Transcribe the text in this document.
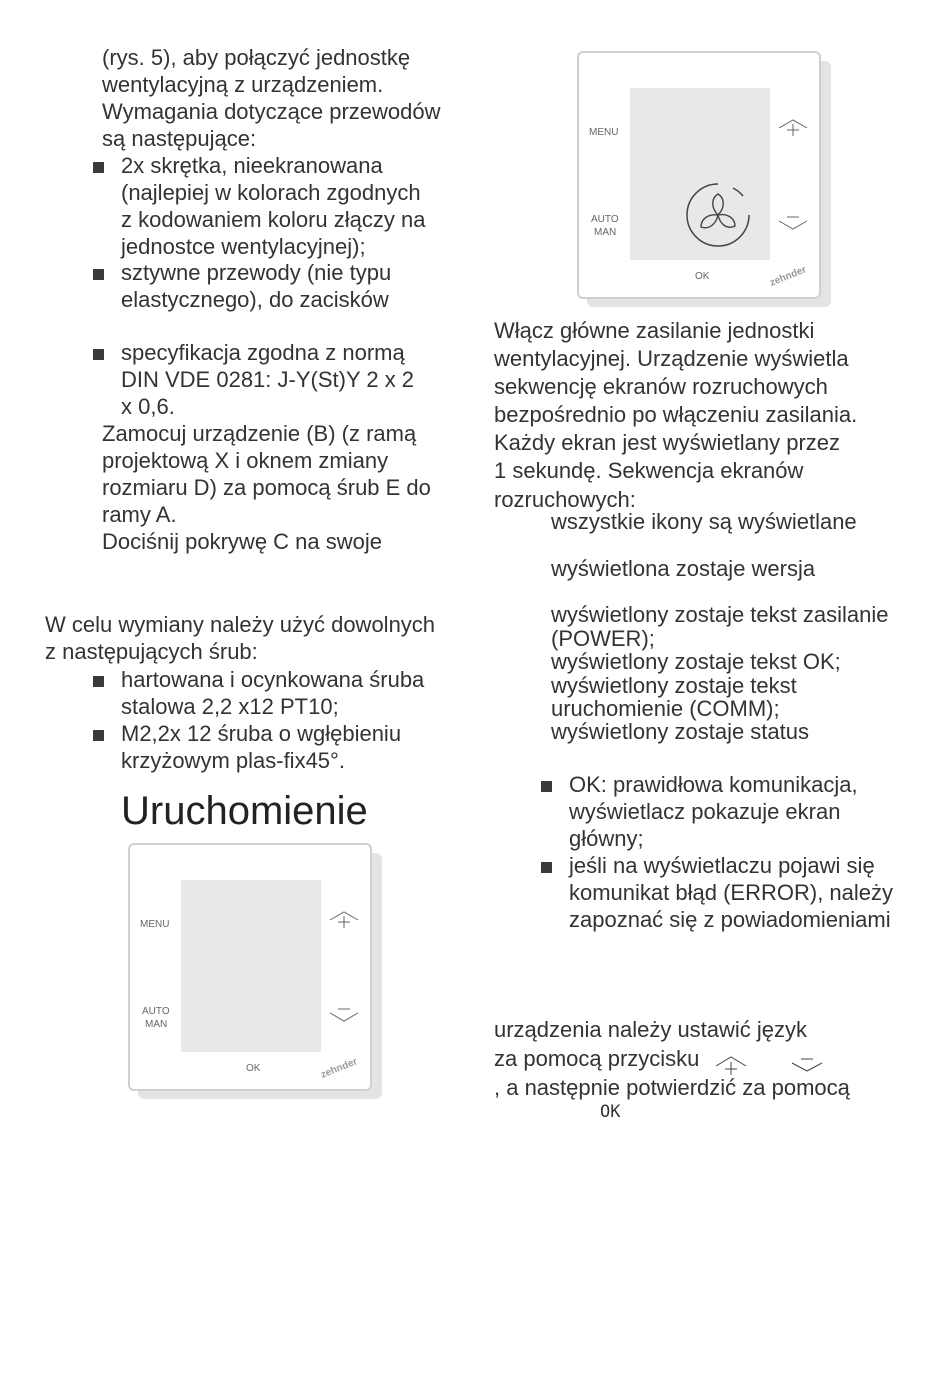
(rys. 5), aby połączyć jednostkę
wentylacyjną z urządzeniem.
Wymagania dotyczące przewodów
są następujące:
2x skrętka, nieekranowana
(najlepiej w kolorach zgodnych
z kodowaniem koloru złączy na
jednostce wentylacyjnej);
sztywne przewody (nie typu
elastycznego), do zacisków
specyfikacja zgodna z normą
DIN VDE 0281: J-Y(St)Y 2 x 2
x 0,6.
Zamocuj urządzenie (B) (z ramą
projektową X i oknem zmiany
rozmiaru D) za pomocą śrub E do
ramy A.
Dociśnij pokrywę C na swoje
W celu wymiany należy użyć dowolnych
z następujących śrub:
hartowana i ocynkowana śruba
stalowa 2,2 x12 PT10;
M2,2x 12 śruba o wgłębieniu
krzyżowym plas-fix45°.
Uruchomienie
MENU
AUTO
MAN
OK	zehnder
MENU
AUTO
MAN
OK	zehnder
Włącz główne zasilanie jednostki
wentylacyjnej. Urządzenie wyświetla
sekwencję ekranów rozruchowych
bezpośrednio po włączeniu zasilania.
Każdy ekran jest wyświetlany przez
1 sekundę. Sekwencja ekranów
rozruchowych:
wszystkie ikony są wyświetlane
wyświetlona zostaje wersja
wyświetlony zostaje tekst zasilanie
(POWER);
wyświetlony zostaje tekst OK;
wyświetlony zostaje tekst
uruchomienie (COMM);
wyświetlony zostaje status
OK: prawidłowa komunikacja,
wyświetlacz pokazuje ekran
główny;
jeśli na wyświetlaczu pojawi się
komunikat błąd (ERROR), należy
zapoznać się z powiadomieniami
urządzenia należy ustawić język
za pomocą przycisku
, a następnie potwierdzić za pomocą
OK
